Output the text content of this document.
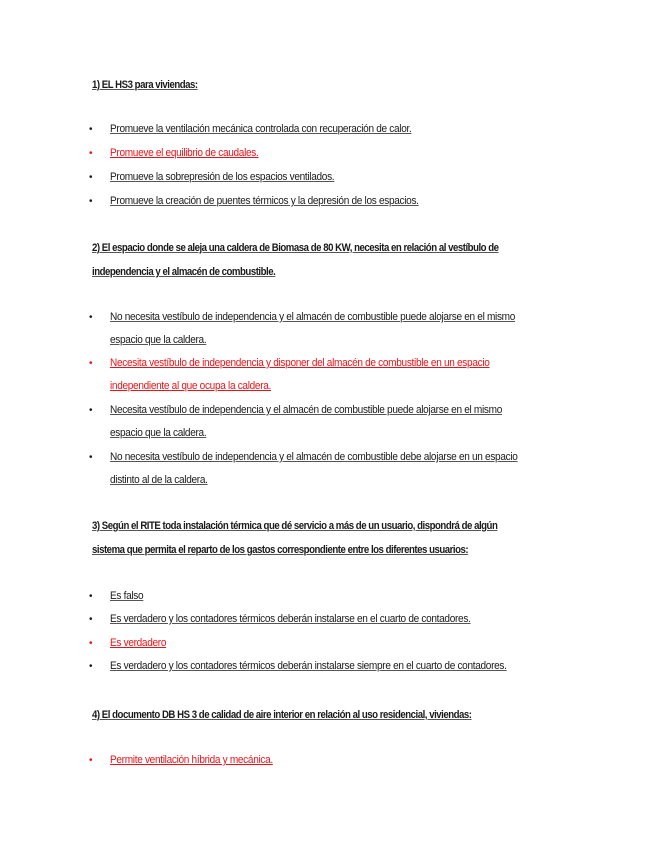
1) EL HS3 para viviendas:
•	Promueve la ventilación mecánica controlada con recuperación de calor.
•	Promueve el equilibrio de caudales.
•	Promueve la sobrepresión de los espacios ventilados.
•	Promueve la creación de puentes térmicos y la depresión de los espacios.
2) El espacio donde se aleja una caldera de Biomasa de 80 KW, necesita en relación al vestíbulo de
independencia y el almacén de combustible.
•	No necesita vestíbulo de independencia y el almacén de combustible puede alojarse en el mismo
espacio que la caldera.
•	Necesita vestíbulo de independencia y disponer del almacén de combustible en un espacio
independiente al que ocupa la caldera.
•	Necesita vestíbulo de independencia y el almacén de combustible puede alojarse en el mismo
espacio que la caldera.
•	No necesita vestíbulo de independencia y el almacén de combustible debe alojarse en un espacio
distinto al de la caldera.
3) Según el RITE toda instalación térmica que dé servicio a más de un usuario, dispondrá de algún
sistema que permita el reparto de los gastos correspondiente entre los diferentes usuarios:
•	Es falso
•	Es verdadero y los contadores térmicos deberán instalarse en el cuarto de contadores.
•	Es verdadero
•	Es verdadero y los contadores térmicos deberán instalarse siempre en el cuarto de contadores.
4) El documento DB HS 3 de calidad de aire interior en relación al uso residencial, viviendas:
•	Permite ventilación híbrida y mecánica.
